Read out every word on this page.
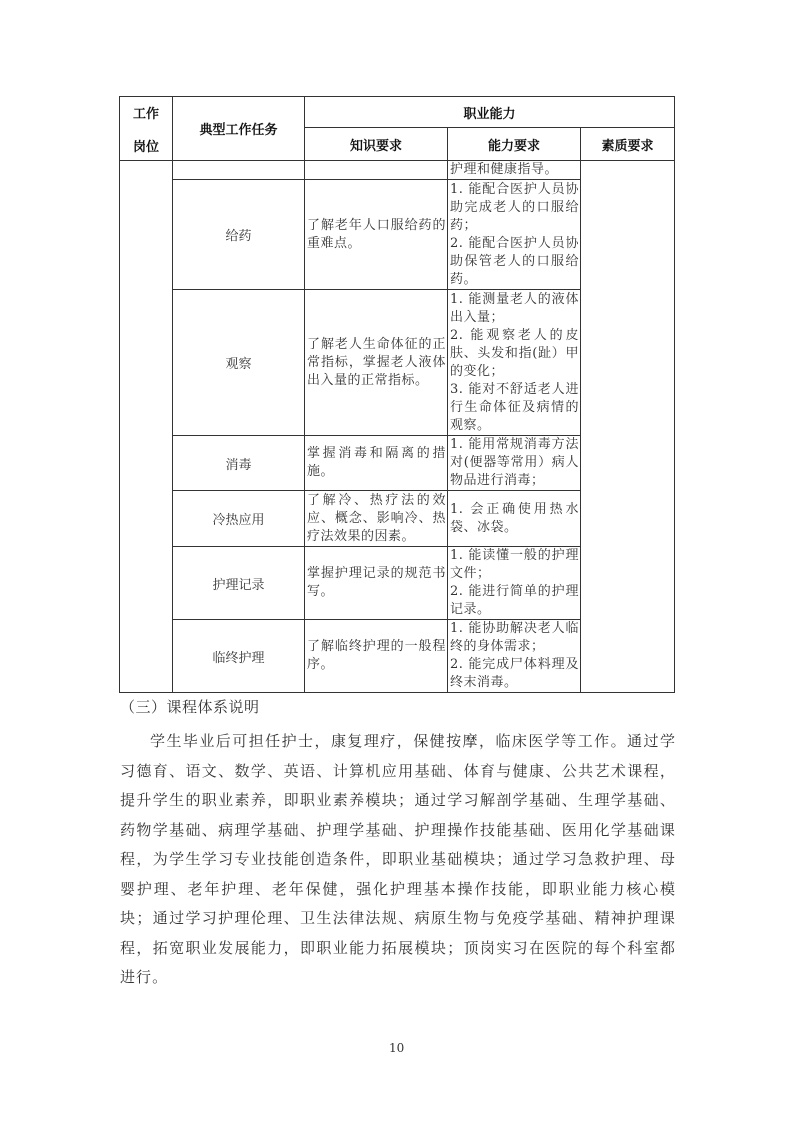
工作
岗位	典型工作任务	职业能力		
		知识要求	能力要求	素质要求

			护理和健康指导。	

	给药	了解老年人口服给药的重难点。	1. 能配合医护人员协助完成老人的口服给药；
2. 能配合医护人员协助保管老人的口服给药。	

	观察	了解老人生命体征的正常指标，掌握老人液体出入量的正常指标。	1. 能测量老人的液体出入量；
2. 能观察老人的皮肤、头发和指(趾）甲的变化；
3. 能对不舒适老人进行生命体征及病情的观察。	

	消毒	掌握消毒和隔离的措施。	1. 能用常规消毒方法对(便器等常用）病人物品进行消毒；	

	冷热应用	了解冷、热疗法的效应、概念、影响冷、热疗法效果的因素。	1. 会正确使用热水袋、冰袋。	

	护理记录	掌握护理记录的规范书写。	1. 能读懂一般的护理文件；
2. 能进行简单的护理记录。	

	临终护理	了解临终护理的一般程序。	1. 能协助解决老人临终的身体需求；
2. 能完成尸体料理及终末消毒。	
（三）课程体系说明
学生毕业后可担任护士，康复理疗，保健按摩，临床医学等工作。通过学习德育、语文、数学、英语、计算机应用基础、体育与健康、公共艺术课程，提升学生的职业素养，即职业素养模块；通过学习解剖学基础、生理学基础、药物学基础、病理学基础、护理学基础、护理操作技能基础、医用化学基础课程，为学生学习专业技能创造条件，即职业基础模块；通过学习急救护理、母婴护理、老年护理、老年保健，强化护理基本操作技能，即职业能力核心模块；通过学习护理伦理、卫生法律法规、病原生物与免疫学基础、精神护理课程，拓宽职业发展能力，即职业能力拓展模块；顶岗实习在医院的每个科室都进行。
10
